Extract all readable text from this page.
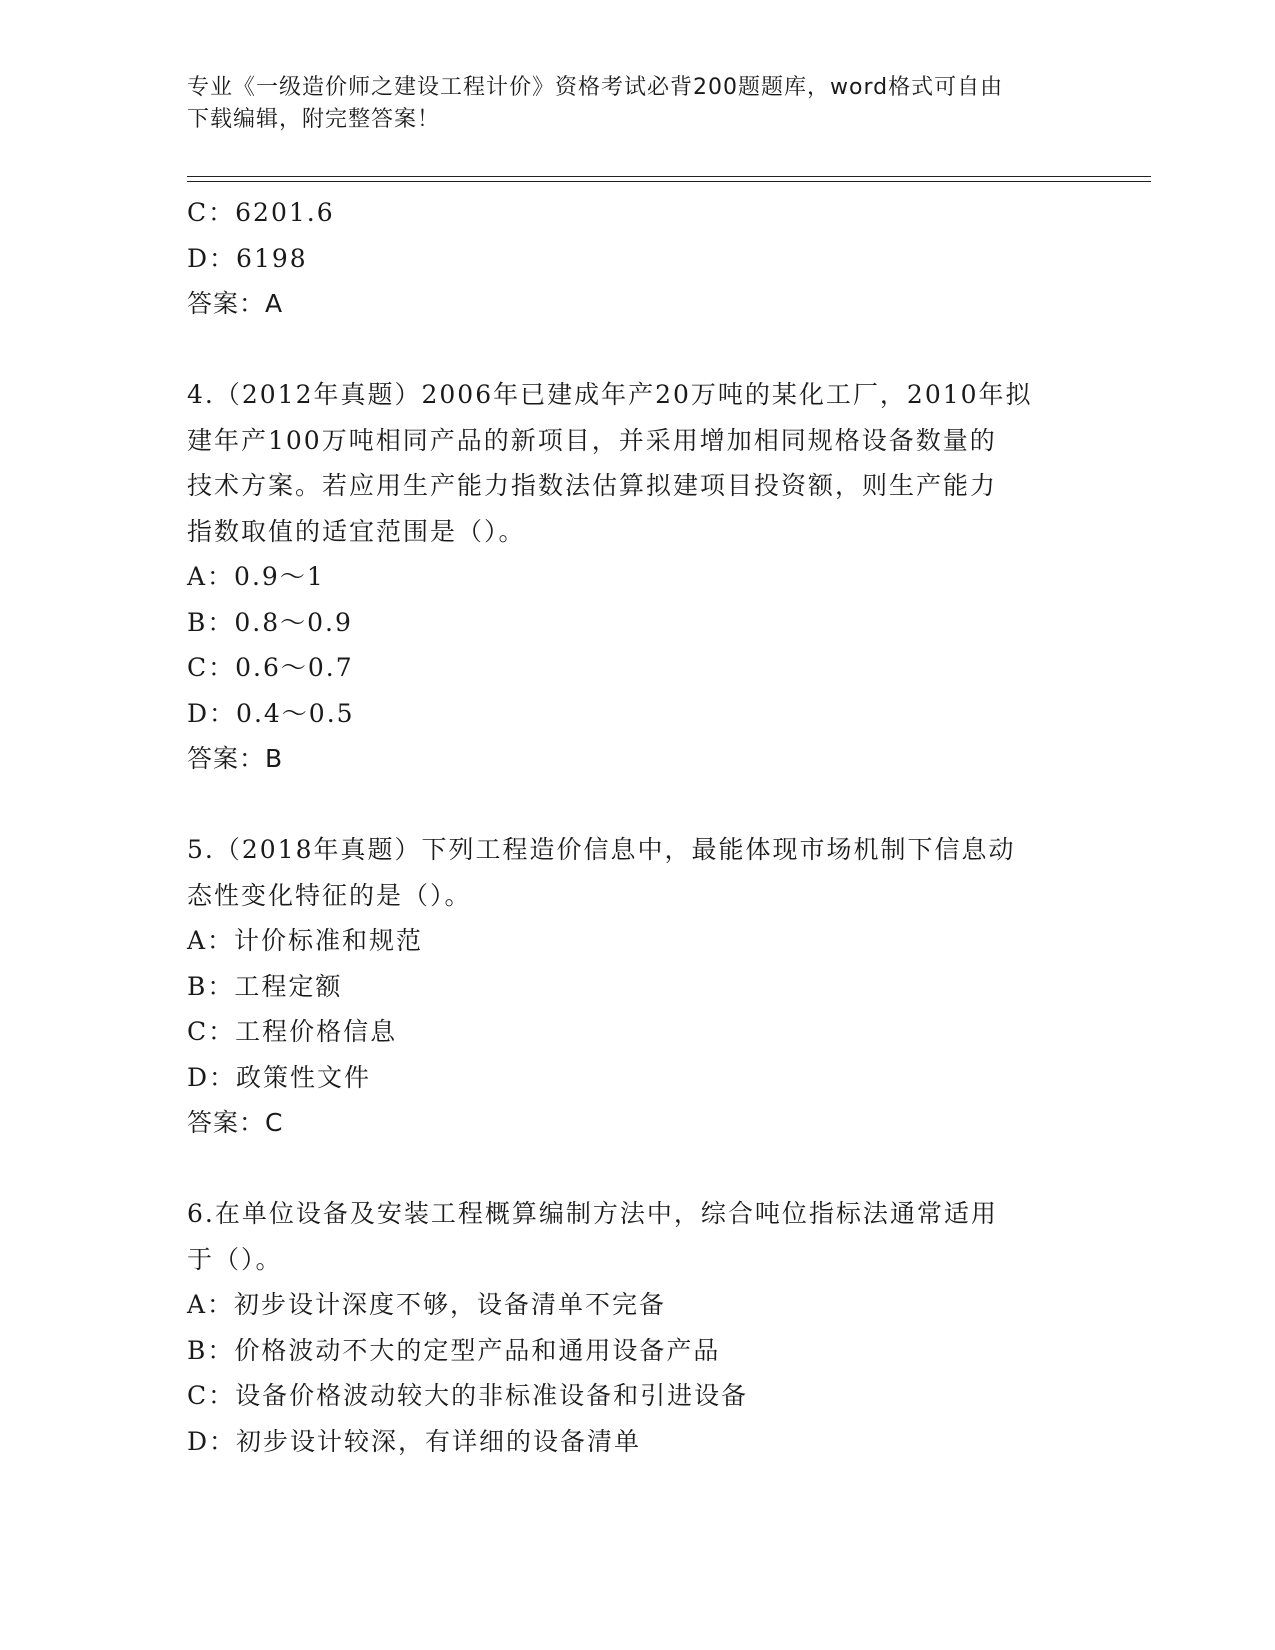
专业《一级造价师之建设工程计价》资格考试必背200题题库，word格式可自由
下载编辑，附完整答案！
C：6201.6
D：6198
答案：A
4.（2012年真题）2006年已建成年产20万吨的某化工厂，2010年拟
建年产100万吨相同产品的新项目，并采用增加相同规格设备数量的
技术方案。若应用生产能力指数法估算拟建项目投资额，则生产能力
指数取值的适宜范围是（）。
A：0.9～1
B：0.8～0.9
C：0.6～0.7
D：0.4～0.5
答案：B
5.（2018年真题）下列工程造价信息中，最能体现市场机制下信息动
态性变化特征的是（）。
A：计价标准和规范
B：工程定额
C：工程价格信息
D：政策性文件
答案：C
6.在单位设备及安装工程概算编制方法中，综合吨位指标法通常适用
于（）。
A：初步设计深度不够，设备清单不完备
B：价格波动不大的定型产品和通用设备产品
C：设备价格波动较大的非标准设备和引进设备
D：初步设计较深，有详细的设备清单
